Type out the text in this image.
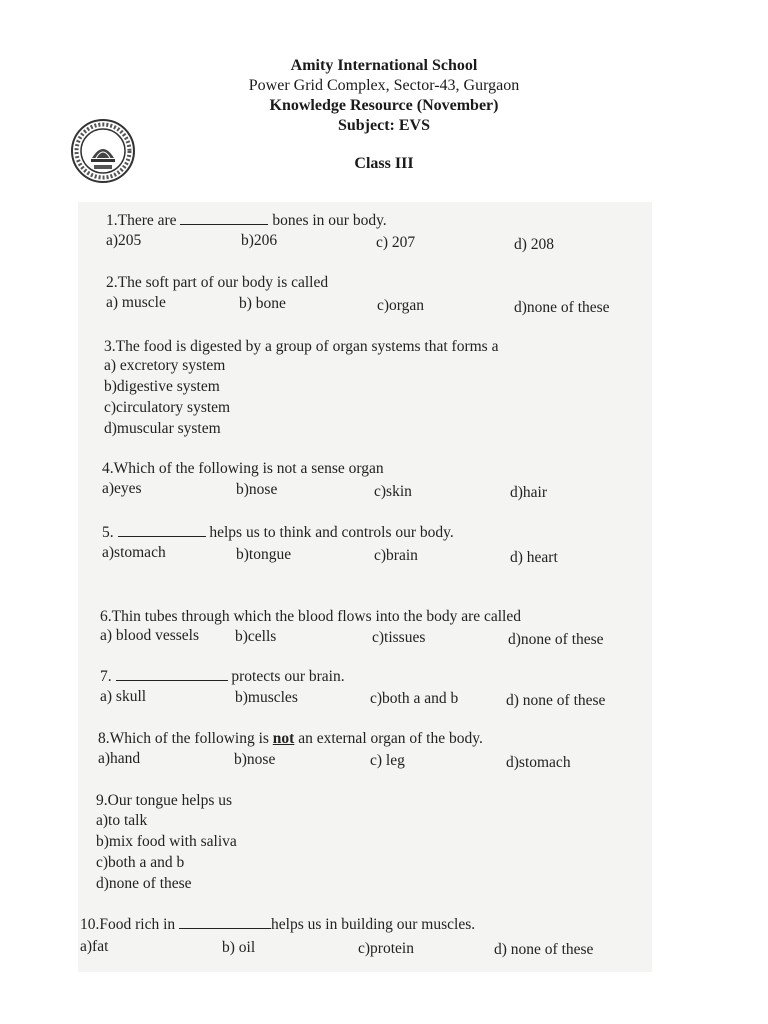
Amity International School
Power Grid Complex, Sector-43, Gurgaon
Knowledge Resource (November)
Subject: EVS
Class III
1.There are	bones in our body.
a)205	b)206	c) 207	d) 208
2.The soft part of our body is called
a) muscle	b) bone	c)organ	d)none of these
3.The food is digested by a group of organ systems that forms a
a) excretory system
b)digestive system
c)circulatory system
d)muscular system
4.Which of the following is not a sense organ
a)eyes	b)nose	c)skin	d)hair
5.	helps us to think and controls our body.
a)stomach	b)tongue	c)brain	d) heart
6.Thin tubes through which the blood flows into the body are called
a) blood vessels b)cells	c)tissues	d)none of these
7.	protects our brain.
a) skull	b)muscles	c)both a and b	d) none of these
8.Which of the following is not an external organ of the body.
a)hand	b)nose	c) leg	d)stomach
9.Our tongue helps us
a)to talk
b)mix food with saliva
c)both a and b
d)none of these
10.Food rich in	helps us in building our muscles.
a)fat	b) oil	c)protein	d) none of these
